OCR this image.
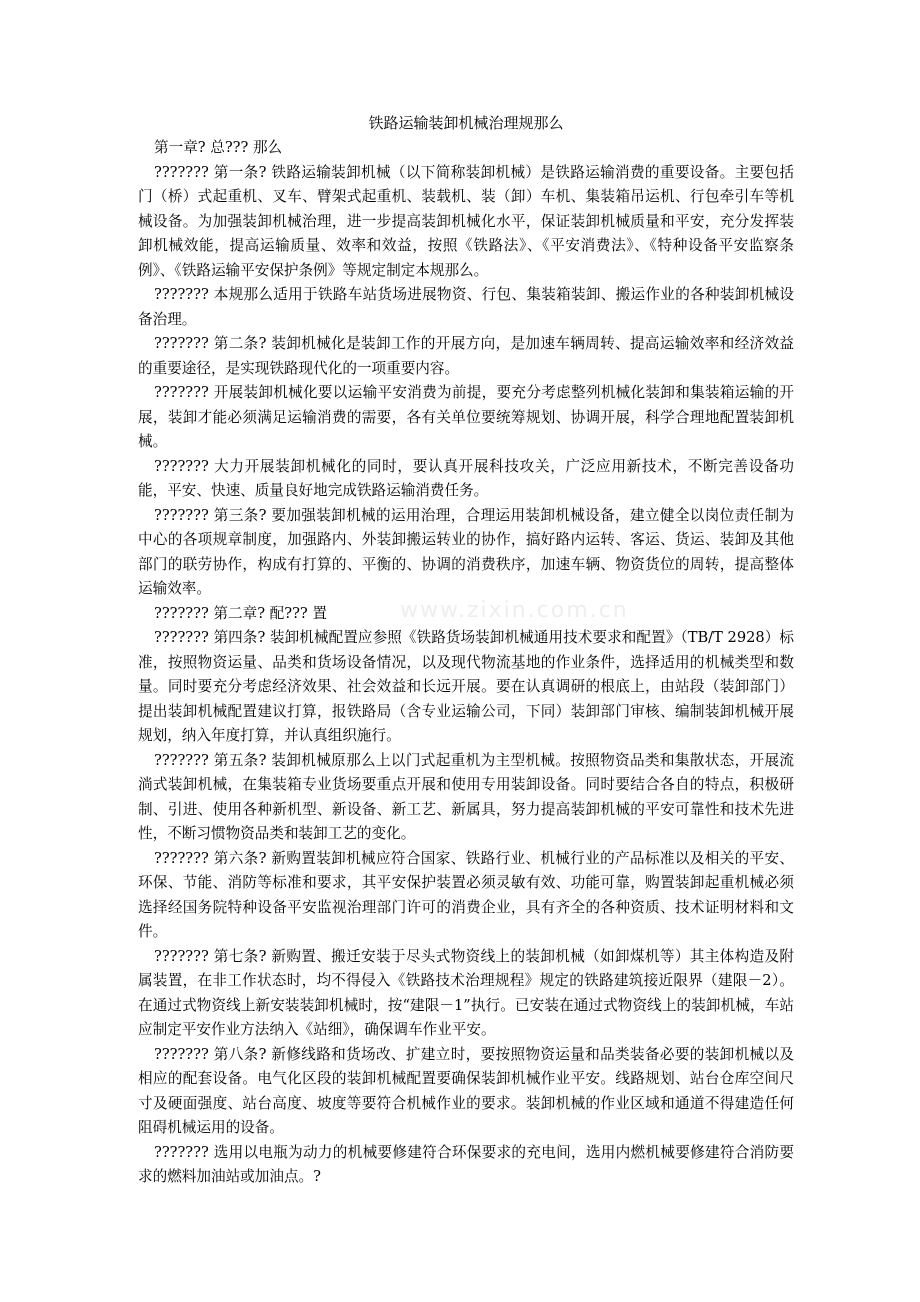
www.zixin.com.cn
铁路运输装卸机械治理规那么

第一章? 总??? 那么

??????? 第一条? 铁路运输装卸机械（以下简称装卸机械）是铁路运输消费的重要设备。主要包括门（桥）式起重机、叉车、臂架式起重机、装载机、装（卸）车机、集装箱吊运机、行包牵引车等机械设备。为加强装卸机械治理，进一步提高装卸机械化水平，保证装卸机械质量和平安，充分发挥装卸机械效能，提高运输质量、效率和效益，按照《铁路法》、《平安消费法》、《特种设备平安监察条例》、《铁路运输平安保护条例》等规定制定本规那么。

??????? 本规那么适用于铁路车站货场进展物资、行包、集装箱装卸、搬运作业的各种装卸机械设备治理。

??????? 第二条? 装卸机械化是装卸工作的开展方向，是加速车辆周转、提高运输效率和经济效益的重要途径，是实现铁路现代化的一项重要内容。

??????? 开展装卸机械化要以运输平安消费为前提，要充分考虑整列机械化装卸和集装箱运输的开展，装卸才能必须满足运输消费的需要，各有关单位要统筹规划、协调开展，科学合理地配置装卸机械。

??????? 大力开展装卸机械化的同时，要认真开展科技攻关，广泛应用新技术，不断完善设备功能，平安、快速、质量良好地完成铁路运输消费任务。

??????? 第三条? 要加强装卸机械的运用治理，合理运用装卸机械设备，建立健全以岗位责任制为中心的各项规章制度，加强路内、外装卸搬运转业的协作，搞好路内运转、客运、货运、装卸及其他部门的联劳协作，构成有打算的、平衡的、协调的消费秩序，加速车辆、物资货位的周转，提高整体运输效率。

??????? 第二章? 配??? 置

??????? 第四条? 装卸机械配置应参照《铁路货场装卸机械通用技术要求和配置》（TB/T 2928）标准，按照物资运量、品类和货场设备情况，以及现代物流基地的作业条件，选择适用的机械类型和数量。同时要充分考虑经济效果、社会效益和长远开展。要在认真调研的根底上，由站段（装卸部门）提出装卸机械配置建议打算，报铁路局（含专业运输公司，下同）装卸部门审核、编制装卸机械开展规划，纳入年度打算，并认真组织施行。

??????? 第五条? 装卸机械原那么上以门式起重机为主型机械。按照物资品类和集散状态，开展流淌式装卸机械，在集装箱专业货场要重点开展和使用专用装卸设备。同时要结合各自的特点，积极研制、引进、使用各种新机型、新设备、新工艺、新属具，努力提高装卸机械的平安可靠性和技术先进性，不断习惯物资品类和装卸工艺的变化。

??????? 第六条? 新购置装卸机械应符合国家、铁路行业、机械行业的产品标准以及相关的平安、环保、节能、消防等标准和要求，其平安保护装置必须灵敏有效、功能可靠，购置装卸起重机械必须选择经国务院特种设备平安监视治理部门许可的消费企业，具有齐全的各种资质、技术证明材料和文件。

??????? 第七条? 新购置、搬迁安装于尽头式物资线上的装卸机械（如卸煤机等）其主体构造及附属装置，在非工作状态时，均不得侵入《铁路技术治理规程》规定的铁路建筑接近限界（建限－2）。在通过式物资线上新安装装卸机械时，按“建限－1”执行。已安装在通过式物资线上的装卸机械，车站应制定平安作业方法纳入《站细》，确保调车作业平安。

??????? 第八条? 新修线路和货场改、扩建立时，要按照物资运量和品类装备必要的装卸机械以及相应的配套设备。电气化区段的装卸机械配置要确保装卸机械作业平安。线路规划、站台仓库空间尺寸及硬面强度、站台高度、坡度等要符合机械作业的要求。装卸机械的作业区域和通道不得建造任何阻碍机械运用的设备。

??????? 选用以电瓶为动力的机械要修建符合环保要求的充电间，选用内燃机械要修建符合消防要求的燃料加油站或加油点。?
